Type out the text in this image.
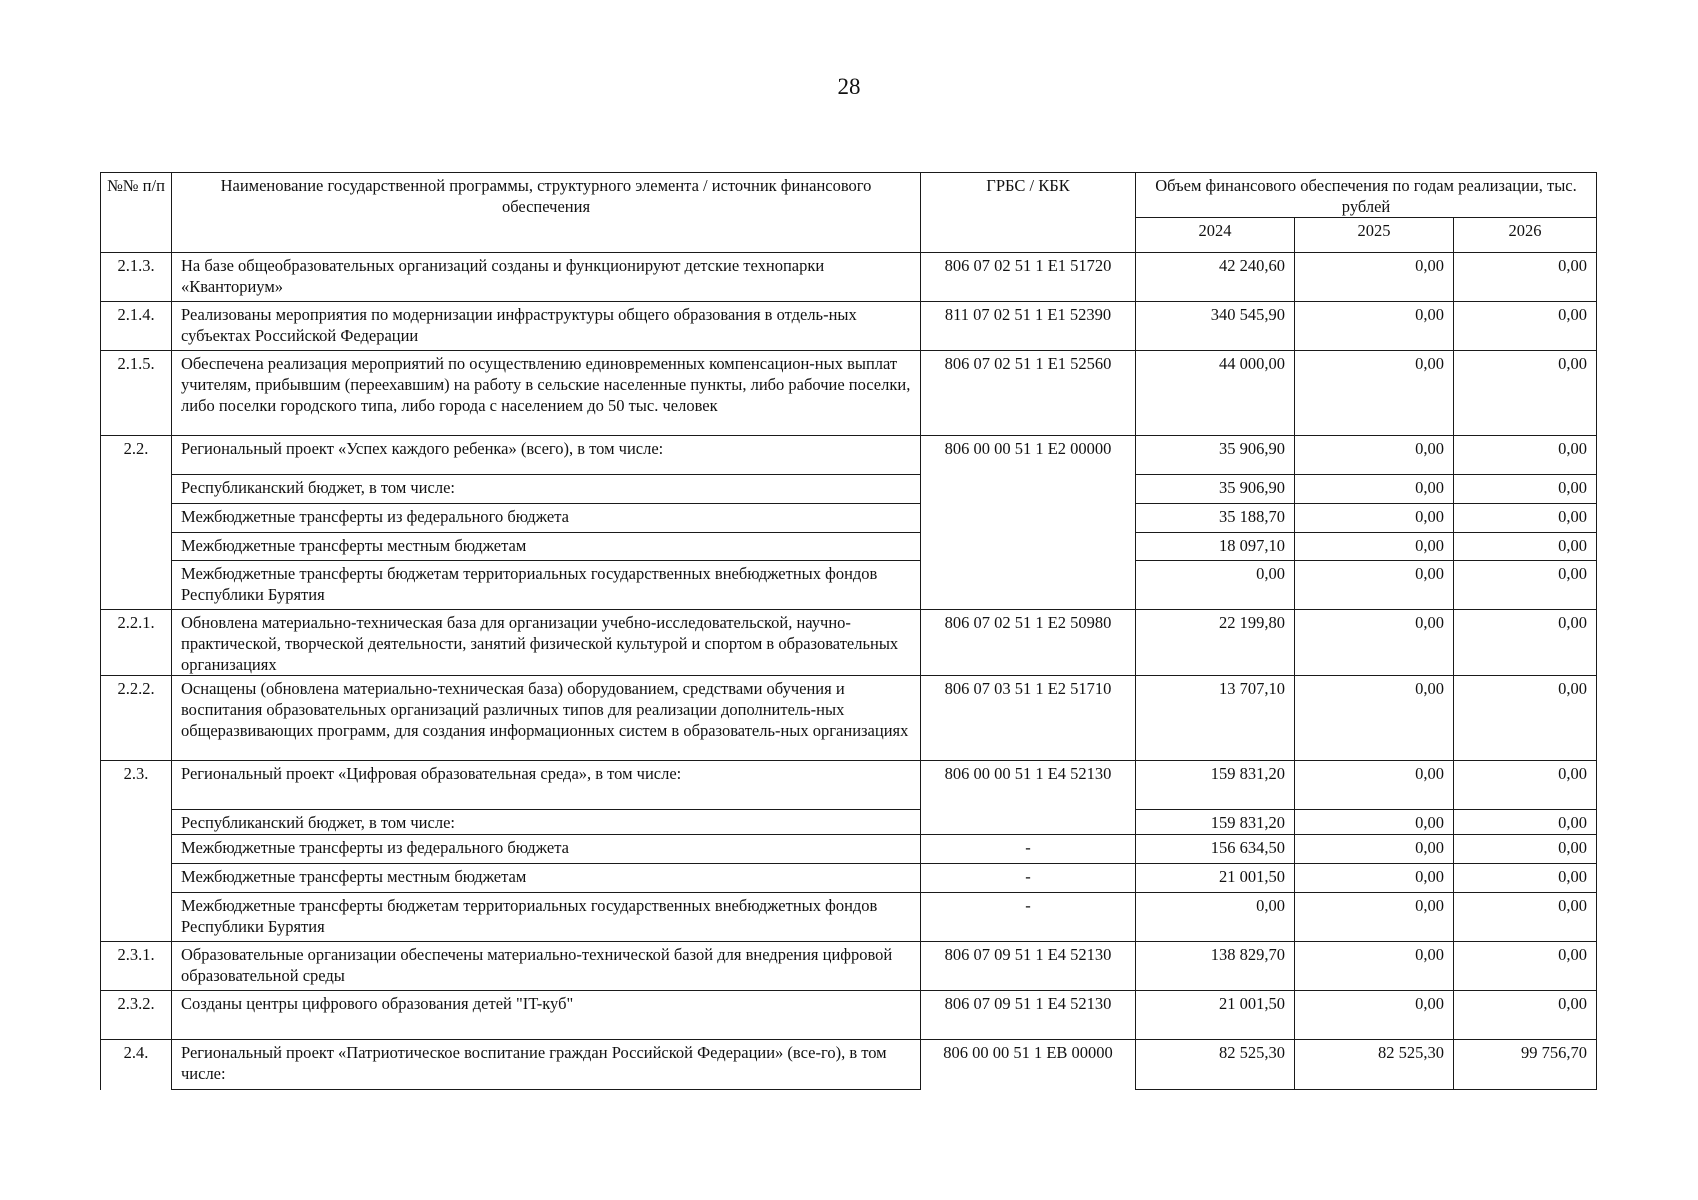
28
№№ п/п	Наименование государственной программы, структурного элемента / источник финансового обеспечения	ГРБС / КБК	Объем финансового обеспечения по годам реализации, тыс. рублей		
			2024	2025	2026
2.1.3.	На базе общеобразовательных организаций созданы и функционируют детские технопарки «Кванториум»	806 07 02 51 1 E1 51720	42 240,60	0,00	0,00
2.1.4.	Реализованы мероприятия по модернизации инфраструктуры общего образования в отдель-ных субъектах Российской Федерации	811 07 02 51 1 E1 52390	340 545,90	0,00	0,00
2.1.5.	Обеспечена реализация мероприятий по осуществлению единовременных компенсацион-ных выплат учителям, прибывшим (переехавшим) на работу в сельские населенные пункты, либо рабочие поселки, либо поселки городского типа, либо города с населением до 50 тыс. человек	806 07 02 51 1 E1 52560	44 000,00	0,00	0,00
2.2.	Региональный проект «Успех каждого ребенка» (всего), в том числе:	806 00 00 51 1 E2 00000	35 906,90	0,00	0,00
	Республиканский бюджет, в том числе:		35 906,90	0,00	0,00
	Межбюджетные трансферты из федерального бюджета		35 188,70	0,00	0,00
	Межбюджетные трансферты местным бюджетам		18 097,10	0,00	0,00
	Межбюджетные трансферты бюджетам территориальных государственных внебюджетных фондов Республики Бурятия		0,00	0,00	0,00
2.2.1.	Обновлена материально-техническая база для организации учебно-исследовательской, научно-практической, творческой деятельности, занятий физической культурой и спортом в образовательных организациях	806 07 02 51 1 E2 50980	22 199,80	0,00	0,00
2.2.2.	Оснащены (обновлена материально-техническая база) оборудованием, средствами обучения и воспитания образовательных организаций различных типов для реализации дополнитель-ных общеразвивающих программ, для создания информационных систем в образователь-ных организациях	806 07 03 51 1 E2 51710	13 707,10	0,00	0,00
2.3.	Региональный проект «Цифровая образовательная среда», в том числе:	806 00 00 51 1 E4 52130	159 831,20	0,00	0,00
	Республиканский бюджет, в том числе:		159 831,20	0,00	0,00
	Межбюджетные трансферты из федерального бюджета	-	156 634,50	0,00	0,00
	Межбюджетные трансферты местным бюджетам	-	21 001,50	0,00	0,00
	Межбюджетные трансферты бюджетам территориальных государственных внебюджетных фондов Республики Бурятия	-	0,00	0,00	0,00
2.3.1.	Образовательные организации обеспечены материально-технической базой для внедрения цифровой образовательной среды	806 07 09 51 1 E4 52130	138 829,70	0,00	0,00
2.3.2.	Созданы центры цифрового образования детей "IT-куб"	806 07 09 51 1 E4 52130	21 001,50	0,00	0,00
2.4.	Региональный проект «Патриотическое воспитание граждан Российской Федерации» (все-го), в том числе:	806 00 00 51 1 EB 00000	82 525,30	82 525,30	99 756,70
